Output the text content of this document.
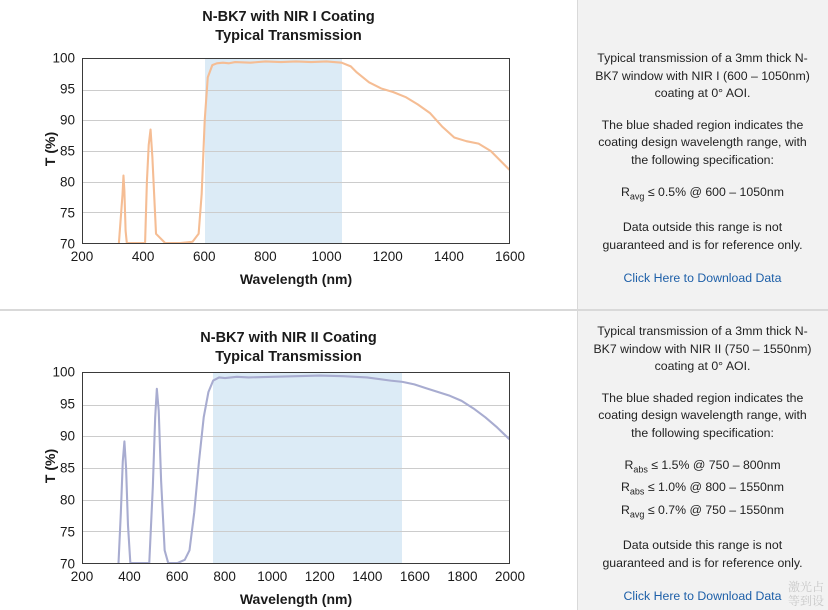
N-BK7 with NIR I Coating
Typical Transmission
70
75
80
85
90
95
100
200	400	600	800	1000 1200 1400 1600
T (%)
Wavelength (nm)

Typical transmission of a 3mm thick N-BK7 window with NIR I (600 – 1050nm) coating at 0° AOI.

The blue shaded region indicates the coating design wavelength range, with the following specification:

$R_{avg} \le 0.5\%$ @ 600 – 1050nm

Data outside this range is not guaranteed and is for reference only.

Click Here to Download Data
N-BK7 with NIR II Coating
Typical Transmission

Typical transmission of a 3mm thick N-BK7 window with NIR II (750 – 1550nm) coating at 0° AOI.

The blue shaded region indicates the coating design wavelength range, with the following specification:

$R_{abs} \le 1.5\%$ @ 750 – 800nm

$R_{abs} \le 1.0\%$ @ 800 – 1550nm

$R_{avg} \le 0.7\%$ @ 750 – 1550nm

Data outside this range is not guaranteed and is for reference only.

Click Here to Download Data
70
75
80
85
90
95
100
200 400 600 800 1000 1200 1400 1600 1800 2000
T (%)
Wavelength (nm)
激光占
等到设
